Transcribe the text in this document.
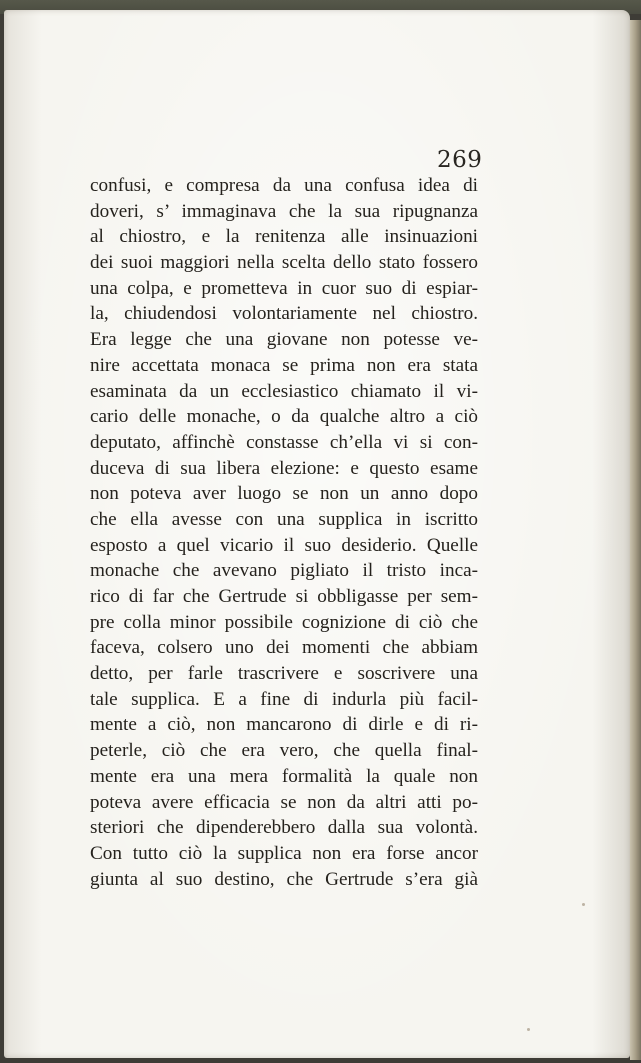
269
confusi, e compresa da una confusa idea di
doveri, s’ immaginava che la sua ripugnanza
al chiostro, e la renitenza alle insinuazioni
dei suoi maggiori nella scelta dello stato fossero
una colpa, e prometteva in cuor suo di espiar-
la, chiudendosi volontariamente nel chiostro.
Era legge che una giovane non potesse ve-
nire accettata monaca se prima non era stata
esaminata da un ecclesiastico chiamato il vi-
cario delle monache, o da qualche altro a ciò
deputato, affinchè constasse ch’ella vi si con-
duceva di sua libera elezione: e questo esame
non poteva aver luogo se non un anno dopo
che ella avesse con una supplica in iscritto
esposto a quel vicario il suo desiderio. Quelle
monache che avevano pigliato il tristo inca-
rico di far che Gertrude si obbligasse per sem-
pre colla minor possibile cognizione di ciò che
faceva, colsero uno dei momenti che abbiam
detto, per farle trascrivere e soscrivere una
tale supplica. E a fine di indurla più facil-
mente a ciò, non mancarono di dirle e di ri-
peterle, ciò che era vero, che quella final-
mente era una mera formalità la quale non
poteva avere efficacia se non da altri atti po-
steriori che dipenderebbero dalla sua volontà.
Con tutto ciò la supplica non era forse ancor
giunta al suo destino, che Gertrude s’era già
